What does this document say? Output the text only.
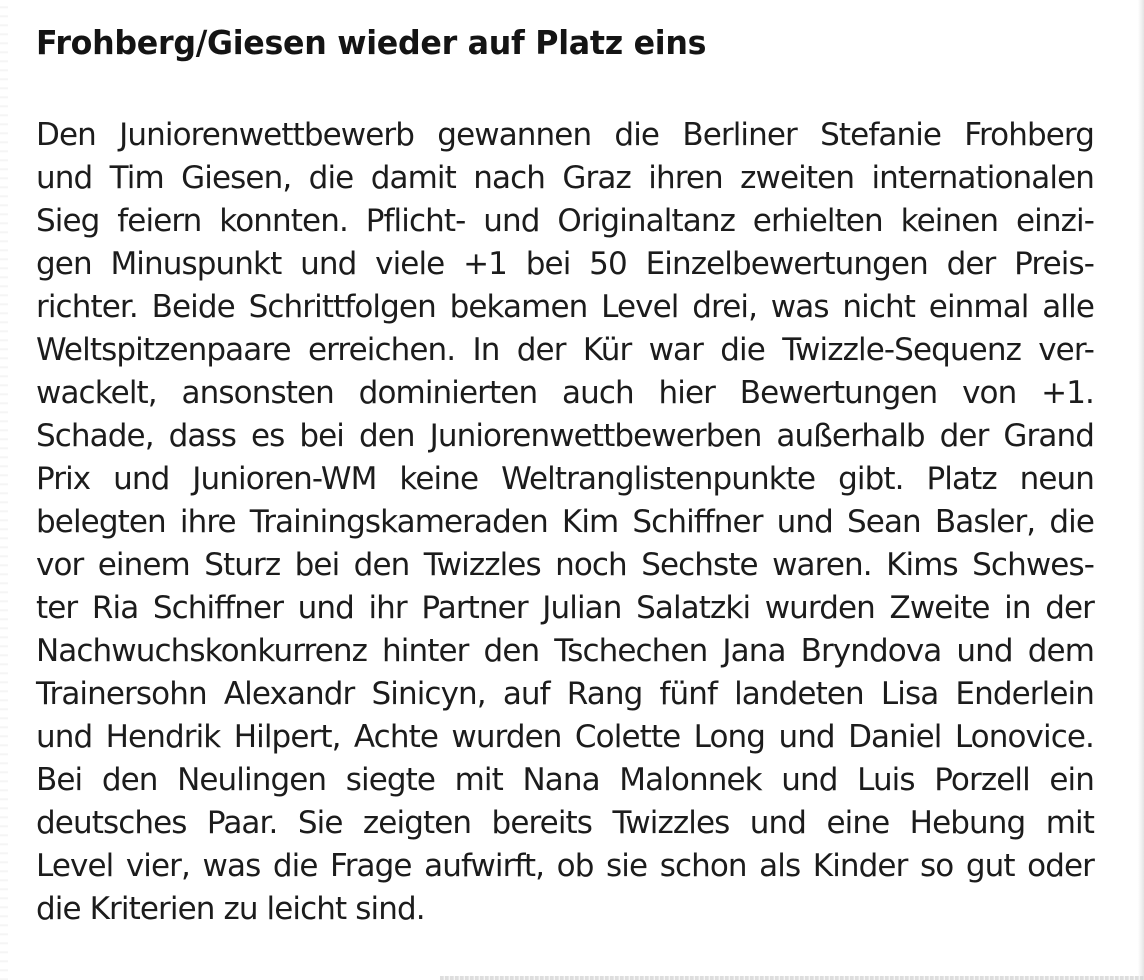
Frohberg/Giesen wieder auf Platz eins
Den Juniorenwettbewerb gewannen die Berliner Stefanie Frohberg
und Tim Giesen, die damit nach Graz ihren zweiten internationalen
Sieg feiern konnten. Pflicht- und Originaltanz erhielten keinen einzi-
gen Minuspunkt und viele +1 bei 50 Einzelbewertungen der Preis-
richter. Beide Schrittfolgen bekamen Level drei, was nicht einmal alle
Weltspitzenpaare erreichen. In der Kür war die Twizzle-Sequenz ver-
wackelt, ansonsten dominierten auch hier Bewertungen von +1.
Schade, dass es bei den Juniorenwettbewerben außerhalb der Grand
Prix und Junioren-WM keine Weltranglistenpunkte gibt. Platz neun
belegten ihre Trainingskameraden Kim Schiffner und Sean Basler, die
vor einem Sturz bei den Twizzles noch Sechste waren. Kims Schwes-
ter Ria Schiffner und ihr Partner Julian Salatzki wurden Zweite in der
Nachwuchskonkurrenz hinter den Tschechen Jana Bryndova und dem
Trainersohn Alexandr Sinicyn, auf Rang fünf landeten Lisa Enderlein
und Hendrik Hilpert, Achte wurden Colette Long und Daniel Lonovice.
Bei den Neulingen siegte mit Nana Malonnek und Luis Porzell ein
deutsches Paar. Sie zeigten bereits Twizzles und eine Hebung mit
Level vier, was die Frage aufwirft, ob sie schon als Kinder so gut oder
die Kriterien zu leicht sind.
